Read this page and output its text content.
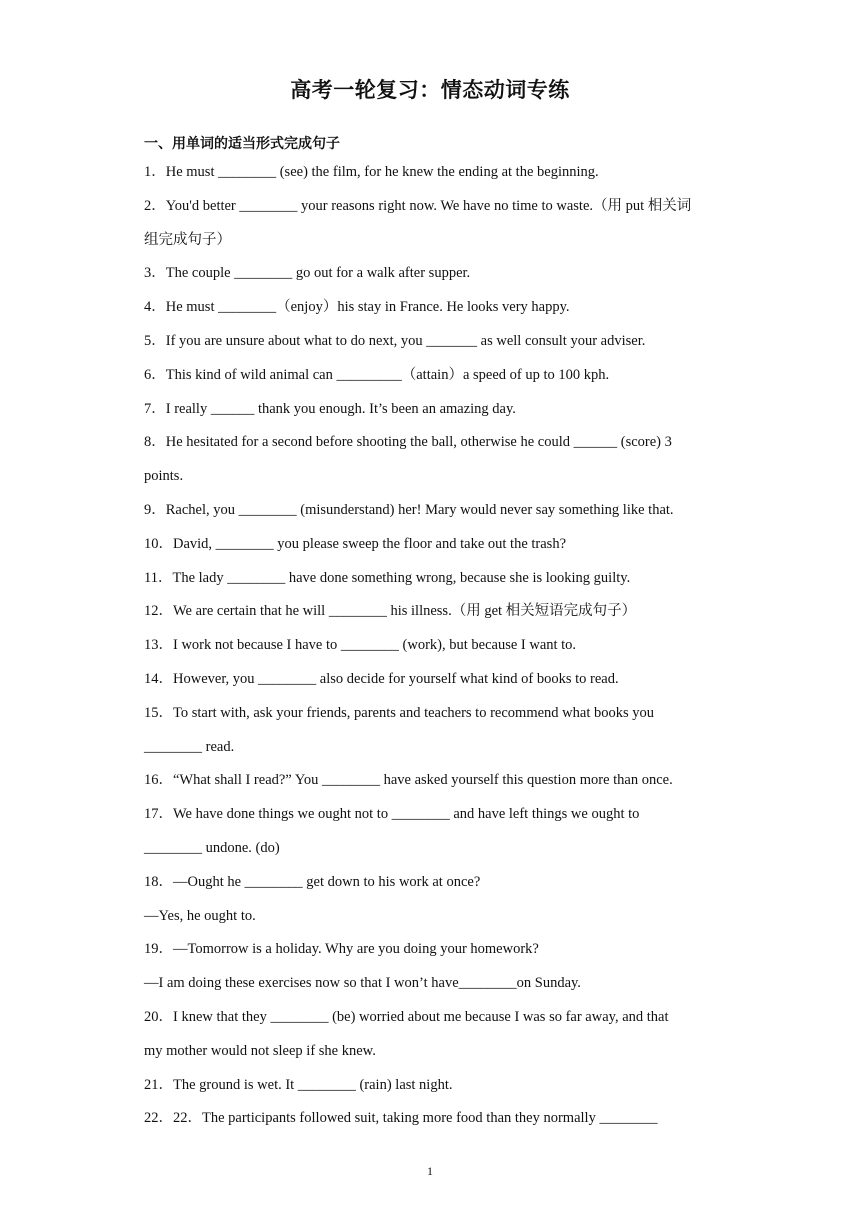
高考一轮复习：情态动词专练
一、用单词的适当形式完成句子
1．He must ________ (see) the film, for he knew the ending at the beginning.
2．You'd better ________ your reasons right now. We have no time to waste.（用 put 相关词
组完成句子）
3．The couple ________ go out for a walk after supper.
4．He must ________（enjoy）his stay in France. He looks very happy.
5．If you are unsure about what to do next, you _______ as well consult your adviser.
6．This kind of wild animal can _________（attain）a speed of up to 100 kph.
7．I really ______ thank you enough. It’s been an amazing day.
8．He hesitated for a second before shooting the ball, otherwise he could ______ (score) 3
points.
9．Rachel, you ________ (misunderstand) her! Mary would never say something like that.
10．David, ________ you please sweep the floor and take out the trash?
11．The lady ________ have done something wrong, because she is looking guilty.
12．We are certain that he will ________ his illness.（用 get 相关短语完成句子）
13．I work not because I have to ________ (work), but because I want to.
14．However, you ________ also decide for yourself what kind of books to read.
15．To start with, ask your friends, parents and teachers to recommend what books you
________ read.
16．“What shall I read?” You ________ have asked yourself this question more than once.
17．We have done things we ought not to ________ and have left things we ought to
________ undone. (do)
18．—Ought he ________ get down to his work at once?
—Yes, he ought to.
19．—Tomorrow is a holiday. Why are you doing your homework?
—I am doing these exercises now so that I won’t have________on Sunday.
20．I knew that they ________ (be) worried about me because I was so far away, and that
my mother would not sleep if she knew.
21．The ground is wet. It ________ (rain) last night.
22．22．The participants followed suit, taking more food than they normally ________
1
